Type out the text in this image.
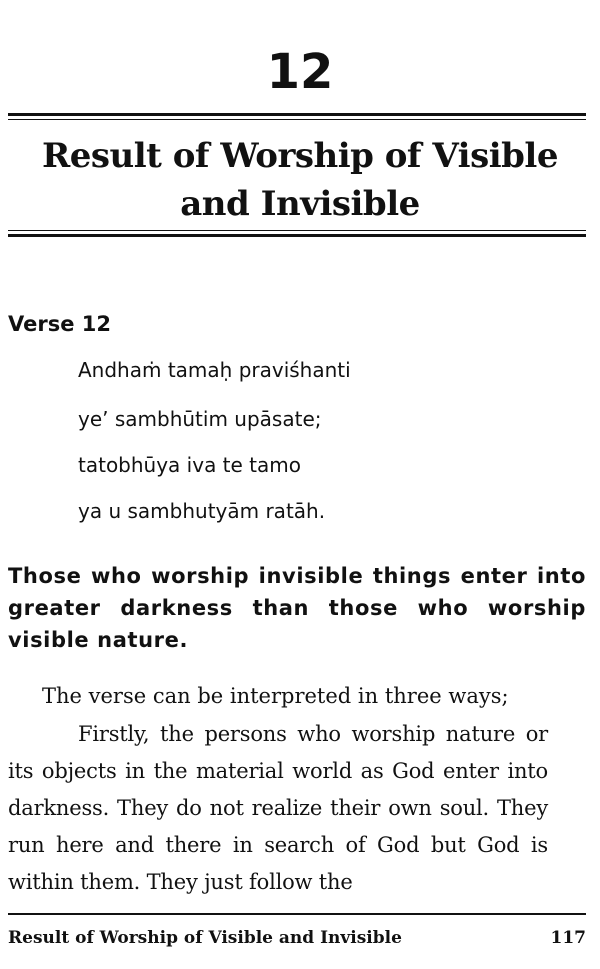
12
Result of Worship of Visible
and Invisible
Verse 12
Andhaṁ tamaḥ praviśhanti
ye’ sambhūtim upāsate;
tatobhūya iva te tamo
ya u sambhutyām ratāh.
Those who worship invisible things enter into greater darkness than those who worship visible nature.
The verse can be interpreted in three ways;
Firstly, the persons who worship nature or its objects in the material world as God enter into darkness. They do not realize their own soul. They run here and there in search of God but God is within them. They just follow the
Result of Worship of Visible and Invisible	117
